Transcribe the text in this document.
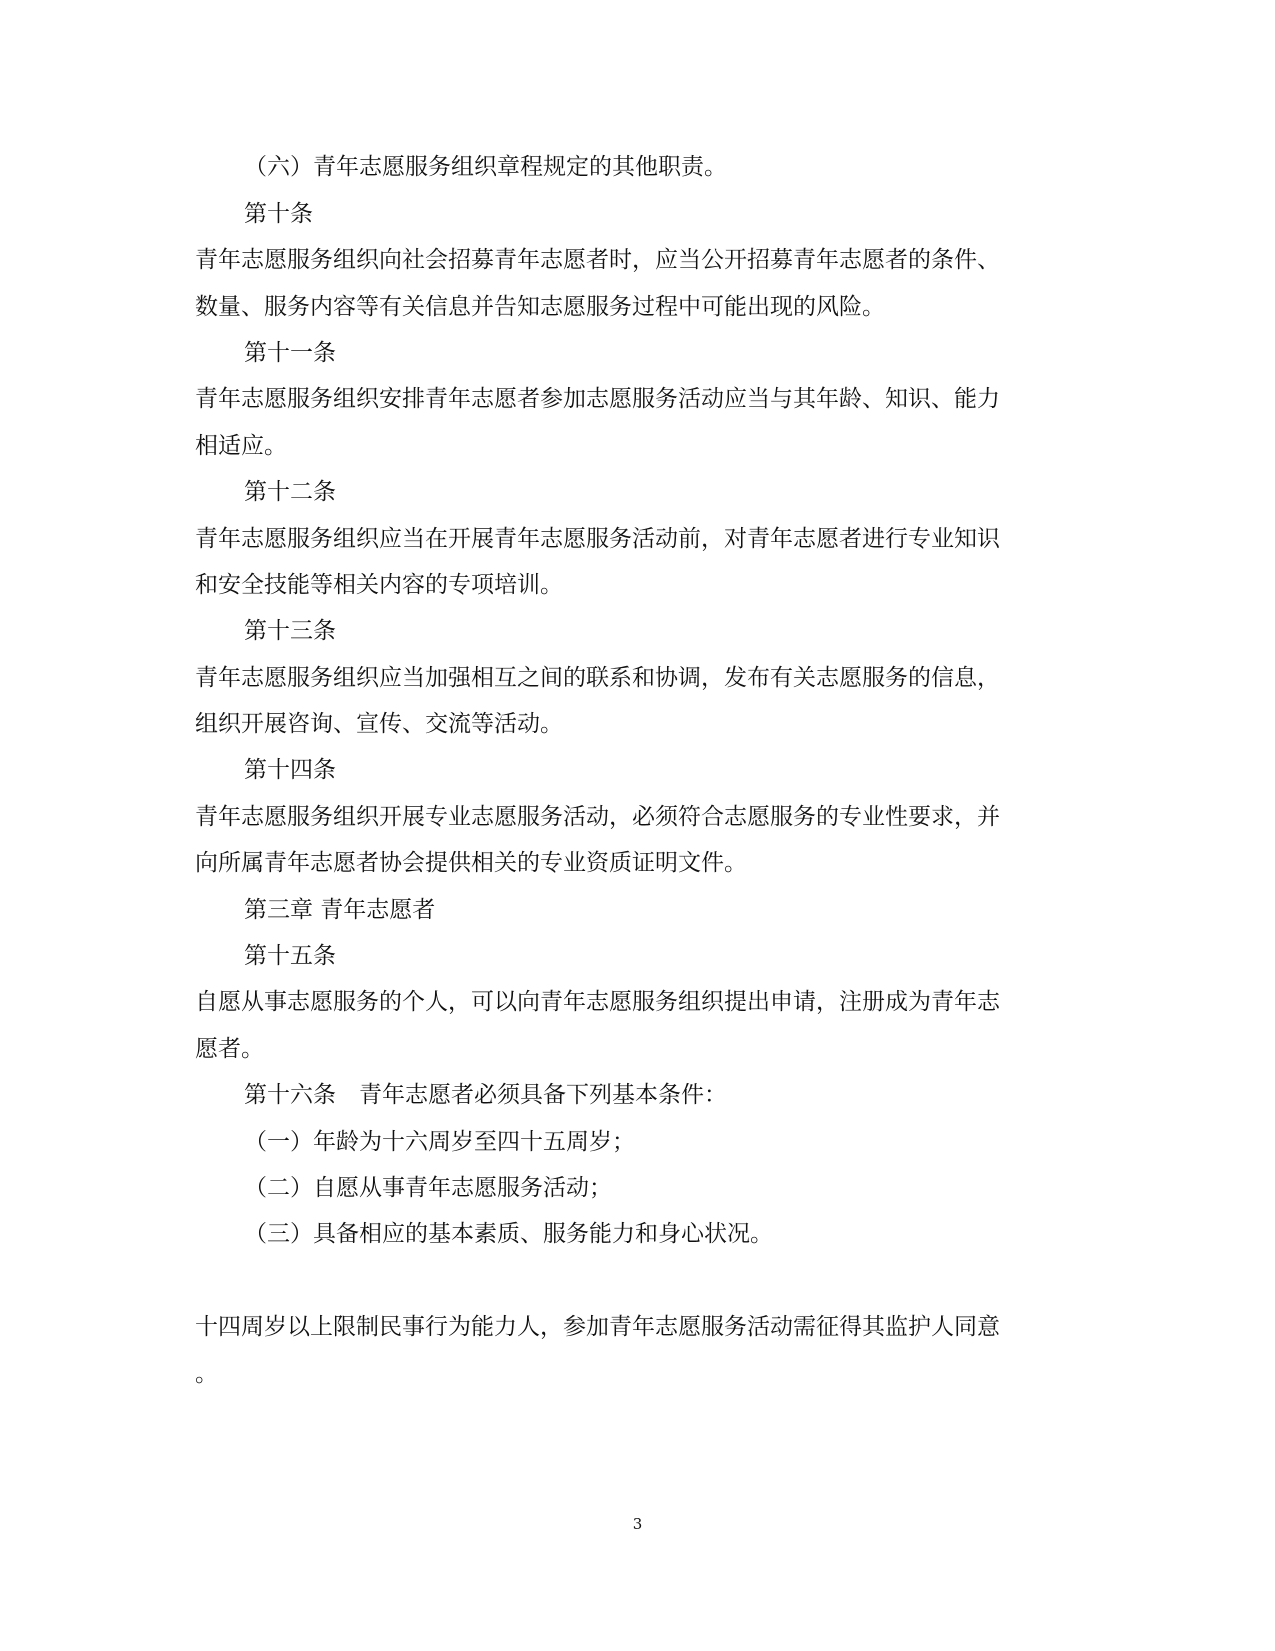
（六）青年志愿服务组织章程规定的其他职责。
第十条
青年志愿服务组织向社会招募青年志愿者时，应当公开招募青年志愿者的条件、
数量、服务内容等有关信息并告知志愿服务过程中可能出现的风险。
第十一条
青年志愿服务组织安排青年志愿者参加志愿服务活动应当与其年龄、知识、能力
相适应。
第十二条
青年志愿服务组织应当在开展青年志愿服务活动前，对青年志愿者进行专业知识
和安全技能等相关内容的专项培训。
第十三条
青年志愿服务组织应当加强相互之间的联系和协调，发布有关志愿服务的信息，
组织开展咨询、宣传、交流等活动。
第十四条
青年志愿服务组织开展专业志愿服务活动，必须符合志愿服务的专业性要求，并
向所属青年志愿者协会提供相关的专业资质证明文件。
第三章 青年志愿者
第十五条
自愿从事志愿服务的个人，可以向青年志愿服务组织提出申请，注册成为青年志
愿者。
第十六条　青年志愿者必须具备下列基本条件：
（一）年龄为十六周岁至四十五周岁；
（二）自愿从事青年志愿服务活动；
（三）具备相应的基本素质、服务能力和身心状况。
十四周岁以上限制民事行为能力人，参加青年志愿服务活动需征得其监护人同意
。
3
